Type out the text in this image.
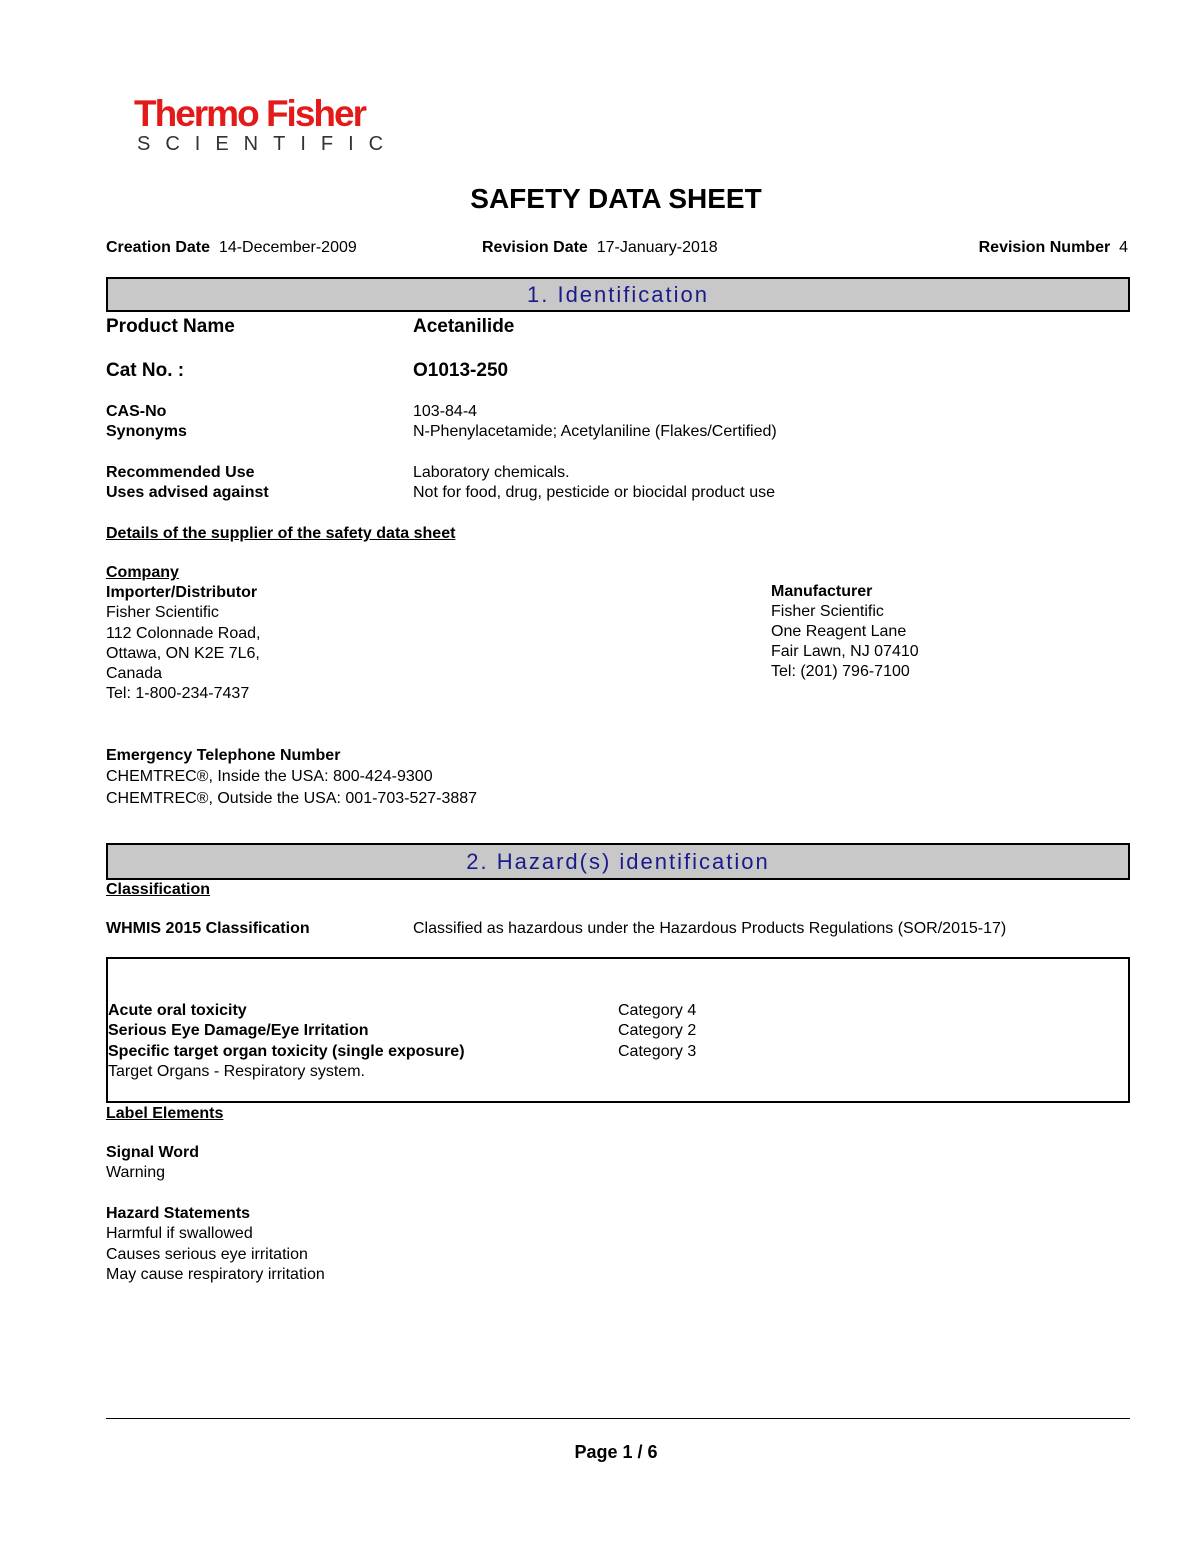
Thermo Fisher
SCIENTIFIC
SAFETY DATA SHEET
Creation Date 14-December-2009	Revision Date 17-January-2018	Revision Number 4
1. Identification
Product Name	Acetanilide
Cat No. :	O1013-250
CAS-No	103-84-4
Synonyms	N-Phenylacetamide; Acetylaniline (Flakes/Certified)
Recommended Use	Laboratory chemicals.
Uses advised against	Not for food, drug, pesticide or biocidal product use
Details of the supplier of the safety data sheet
Company
Importer/Distributor
Fisher Scientific
112 Colonnade Road,
Ottawa, ON K2E 7L6,
Canada
Tel: 1-800-234-7437
Manufacturer
Fisher Scientific
One Reagent Lane
Fair Lawn, NJ 07410
Tel: (201) 796-7100
Emergency Telephone Number
CHEMTREC®, Inside the USA: 800-424-9300
CHEMTREC®, Outside the USA: 001-703-527-3887
2. Hazard(s) identification
Classification
WHMIS 2015 Classification	Classified as hazardous under the Hazardous Products Regulations (SOR/2015-17)
Acute oral toxicity	Category 4
Serious Eye Damage/Eye Irritation	Category 2
Specific target organ toxicity (single exposure)	Category 3
Target Organs - Respiratory system.
Label Elements
Signal Word
Warning
Hazard Statements
Harmful if swallowed
Causes serious eye irritation
May cause respiratory irritation
Page 1 / 6
